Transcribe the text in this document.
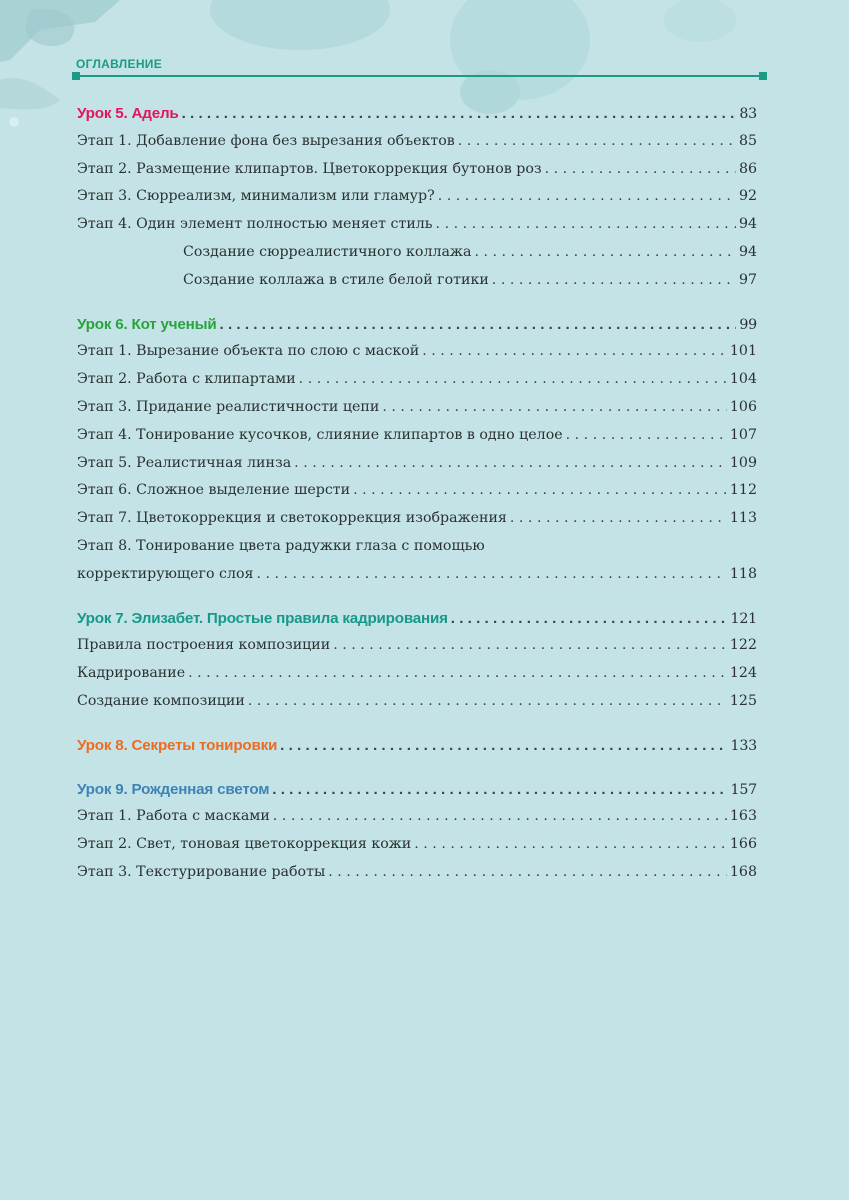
ОГЛАВЛЕНИЕ
Урок 5. Адель . . .	83
Этап 1. Добавление фона без вырезания объектов . . .	85
Этап 2. Размещение клипартов. Цветокоррекция бутонов роз . . .	86
Этап 3. Сюрреализм, минимализм или гламур? . . .	92
Этап 4. Один элемент полностью меняет стиль . . .	94
Создание сюрреалистичного коллажа . . .	94
Создание коллажа в стиле белой готики . . .	97
Урок 6. Кот ученый . . .	99
Этап 1. Вырезание объекта по слою с маской . . .	101
Этап 2. Работа с клипартами . . .	104
Этап 3. Придание реалистичности цепи . . .	106
Этап 4. Тонирование кусочков, слияние клипартов в одно целое . . .	107
Этап 5. Реалистичная линза . . .	109
Этап 6. Сложное выделение шерсти . . .	112
Этап 7. Цветокоррекция и светокоррекция изображения . . .	113
Этап 8. Тонирование цвета радужки глаза с помощью
корректирующего слоя . . .	118
Урок 7. Элизабет. Простые правила кадрирования . . .	121
Правила построения композиции . . .	122
Кадрирование . . .	124
Создание композиции . . .	125
Урок 8. Секреты тонировки . . .	133
Урок 9. Рожденная светом . . .	157
Этап 1. Работа с масками . . .	163
Этап 2. Свет, тоновая цветокоррекция кожи . . .	166
Этап 3. Текстурирование работы . . .	168
